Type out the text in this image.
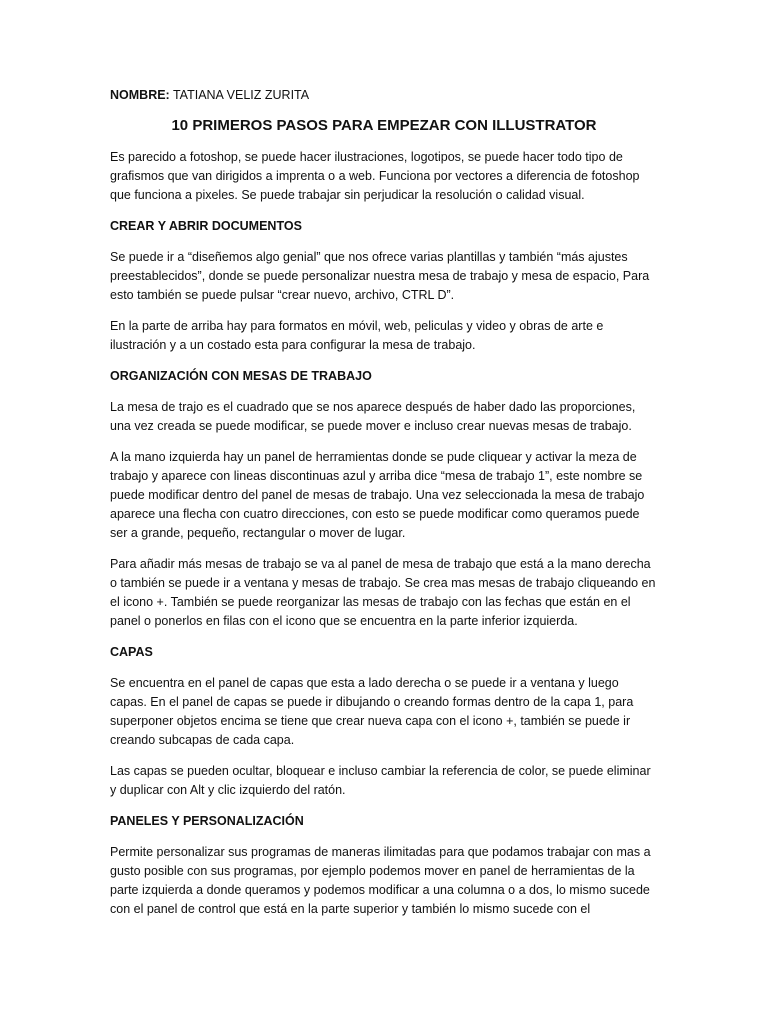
NOMBRE: TATIANA VELIZ ZURITA

10 PRIMEROS PASOS PARA EMPEZAR CON ILLUSTRATOR

Es parecido a fotoshop, se puede hacer ilustraciones, logotipos, se puede hacer todo tipo de grafismos que van dirigidos a imprenta o a web. Funciona por vectores a diferencia de fotoshop que funciona a pixeles. Se puede trabajar sin perjudicar la resolución o calidad visual.

CREAR Y ABRIR DOCUMENTOS

Se puede ir a “diseñemos algo genial” que nos ofrece varias plantillas y también “más ajustes preestablecidos”, donde se puede personalizar nuestra mesa de trabajo y mesa de espacio, Para esto también se puede pulsar “crear nuevo, archivo, CTRL D”.

En la parte de arriba hay para formatos en móvil, web, peliculas y video y obras de arte e ilustración y a un costado esta para configurar la mesa de trabajo.

ORGANIZACIÓN CON MESAS DE TRABAJO

La mesa de trajo es el cuadrado que se nos aparece después de haber dado las proporciones, una vez creada se puede modificar, se puede mover e incluso crear nuevas mesas de trabajo.

A la mano izquierda hay un panel de herramientas donde se pude cliquear y activar la meza de trabajo y aparece con lineas discontinuas azul y arriba dice “mesa de trabajo 1”, este nombre se puede modificar dentro del panel de mesas de trabajo. Una vez seleccionada la mesa de trabajo aparece una flecha con cuatro direcciones, con esto se puede modificar como queramos puede ser a grande, pequeño, rectangular o mover de lugar.

Para añadir más mesas de trabajo se va al panel de mesa de trabajo que está a la mano derecha o también se puede ir a ventana y mesas de trabajo. Se crea mas mesas de trabajo cliqueando en el icono +. También se puede reorganizar las mesas de trabajo con las fechas que están en el panel o ponerlos en filas con el icono que se encuentra en la parte inferior izquierda.

CAPAS

Se encuentra en el panel de capas que esta a lado derecha o se puede ir a ventana y luego capas. En el panel de capas se puede ir dibujando o creando formas dentro de la capa 1, para superponer objetos encima se tiene que crear nueva capa con el icono +, también se puede ir creando subcapas de cada capa.

Las capas se pueden ocultar, bloquear e incluso cambiar la referencia de color, se puede eliminar y duplicar con Alt y clic izquierdo del ratón.

PANELES Y PERSONALIZACIÓN

Permite personalizar sus programas de maneras ilimitadas para que podamos trabajar con mas a gusto posible con sus programas, por ejemplo podemos mover en panel de herramientas de la parte izquierda a donde queramos y podemos modificar a una columna o a dos, lo mismo sucede con el panel de control que está en la parte superior y también lo mismo sucede con el
